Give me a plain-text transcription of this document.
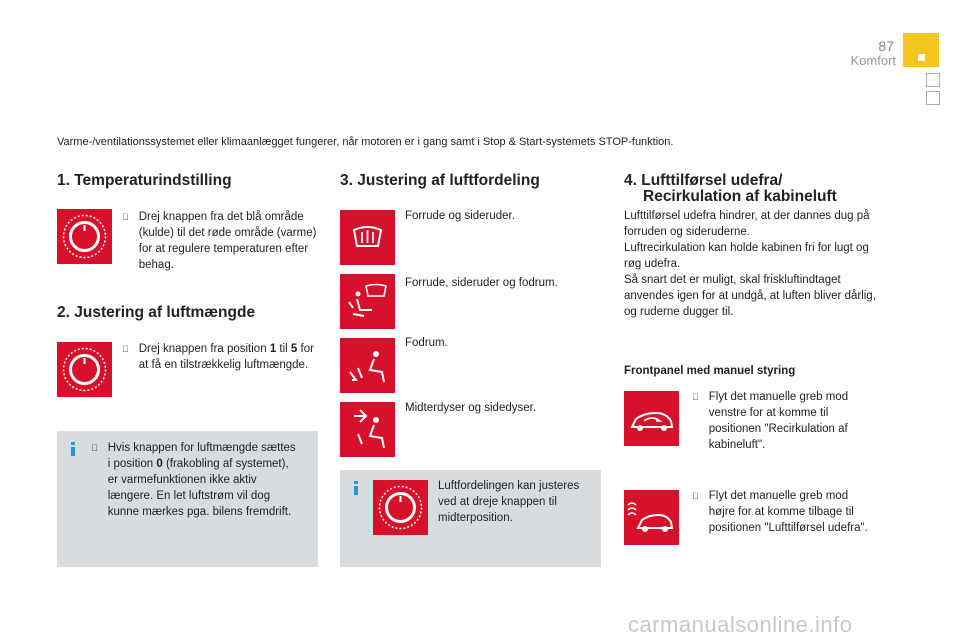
87
Komfort
Varme-/ventilationssystemet eller klimaanlægget fungerer, når motoren er i gang samt i Stop & Start-systemets STOP-funktion.
1. Temperaturindstilling
Drej knappen fra det blå område (kulde) til det røde område (varme) for at regulere temperaturen efter behag.
2. Justering af luftmængde
Drej knappen fra position 1 til 5 for at få en tilstrækkelig luftmængde.
Hvis knappen for luftmængde sættes i position 0 (frakobling af systemet), er varmefunktionen ikke aktiv længere. En let luftstrøm vil dog kunne mærkes pga. bilens fremdrift.
3. Justering af luftfordeling
Forrude og sideruder.
Forrude, sideruder og fodrum.
Fodrum.
Midterdyser og sidedyser.
Luftfordelingen kan justeres ved at dreje knappen til midterposition.
4. Lufttilførsel udefra/
Recirkulation af kabineluft
Lufttilførsel udefra hindrer, at der dannes dug på forruden og sideruderne.
Luftrecirkulation kan holde kabinen fri for lugt og røg udefra.
Så snart det er muligt, skal friskluftindtaget anvendes igen for at undgå, at luften bliver dårlig, og ruderne dugger til.
Frontpanel med manuel styring
Flyt det manuelle greb mod venstre for at komme til positionen "Recirkulation af kabineluft".
Flyt det manuelle greb mod højre for at komme tilbage til positionen "Lufttilførsel udefra".
carmanualsonline.info
